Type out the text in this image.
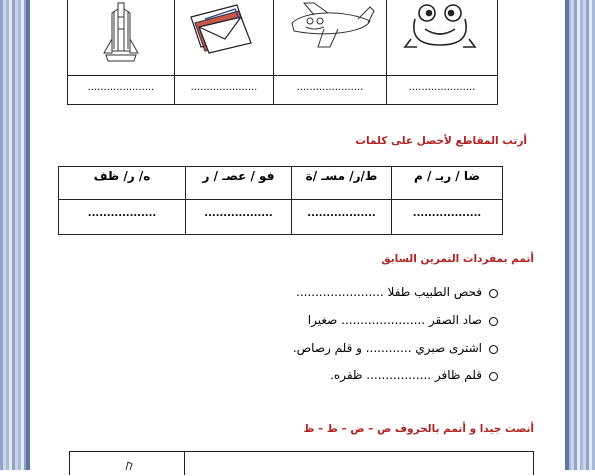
.....................	.....................	.....................	.....................
أرتب المقاطع لأحصل على كلمات
ه/ ر/ ظف	فو / عصـ / ر	ط/ر/ مسـ /ة	ضا / ريـ / م
..................	..................	..................	..................
أتمم بمفردات التمرين السابق
فحص الطبيب طفلا .......................
صاد الصقر ...................... صغيرا
اشترى صبري ............ و قلم رصاص.
قلم ظافر ................. ظفره.
أنصت جيدا و أتمم بالحروف ص – ض – ط – ظ
